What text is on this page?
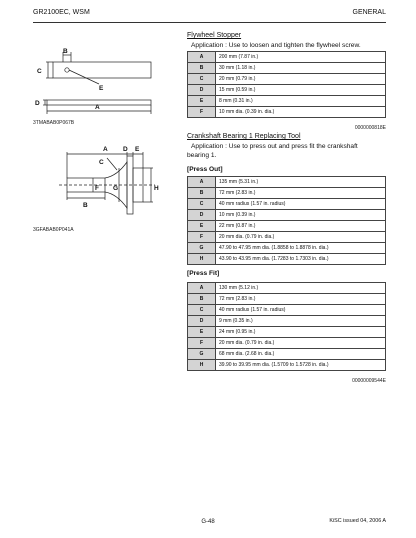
GR2100EC, WSM	GENERAL
B
C
E
D
A
3TMABAB0P067B
Flywheel Stopper
Application : Use to loosen and tighten the flywheel screw.
A	200 mm (7.87 in.)
B	30 mm (1.18 in.)
C	20 mm (0.79 in.)
D	15 mm (0.59 in.)
E	8 mm (0.31 in.)
F	10 mm dia. (0.39 in. dia.)
0000000818E
A
C
D E
B
F G	H
3GFABAB0P041A
Crankshaft Bearing 1 Replacing Tool
Application : Use to press out and press fit the crankshaft
bearing 1.
[Press Out]
A	135 mm (5.31 in.)
B	72 mm (2.83 in.)
C	40 mm radius (1.57 in. radius)
D	10 mm (0.39 in.)
E	22 mm (0.87 in.)
F	20 mm dia. (0.79 in. dia.)
G	47.90 to 47.95 mm dia. (1.8858 to 1.8878 in. dia.)
H	43.90 to 43.95 mm dia. (1.7283 to 1.7303 in. dia.)
[Press Fit]
A	130 mm (5.12 in.)
B	72 mm (2.83 in.)
C	40 mm radius (1.57 in. radius)
D	9 mm (0.35 in.)
E	24 mm (0.95 in.)
F	20 mm dia. (0.79 in. dia.)
G	68 mm dia. (2.68 in. dia.)
H	39.90 to 39.95 mm dia. (1.5709 to 1.5728 in. dia.)
00000009544E
G-48	KiSC issued 04, 2006 A
